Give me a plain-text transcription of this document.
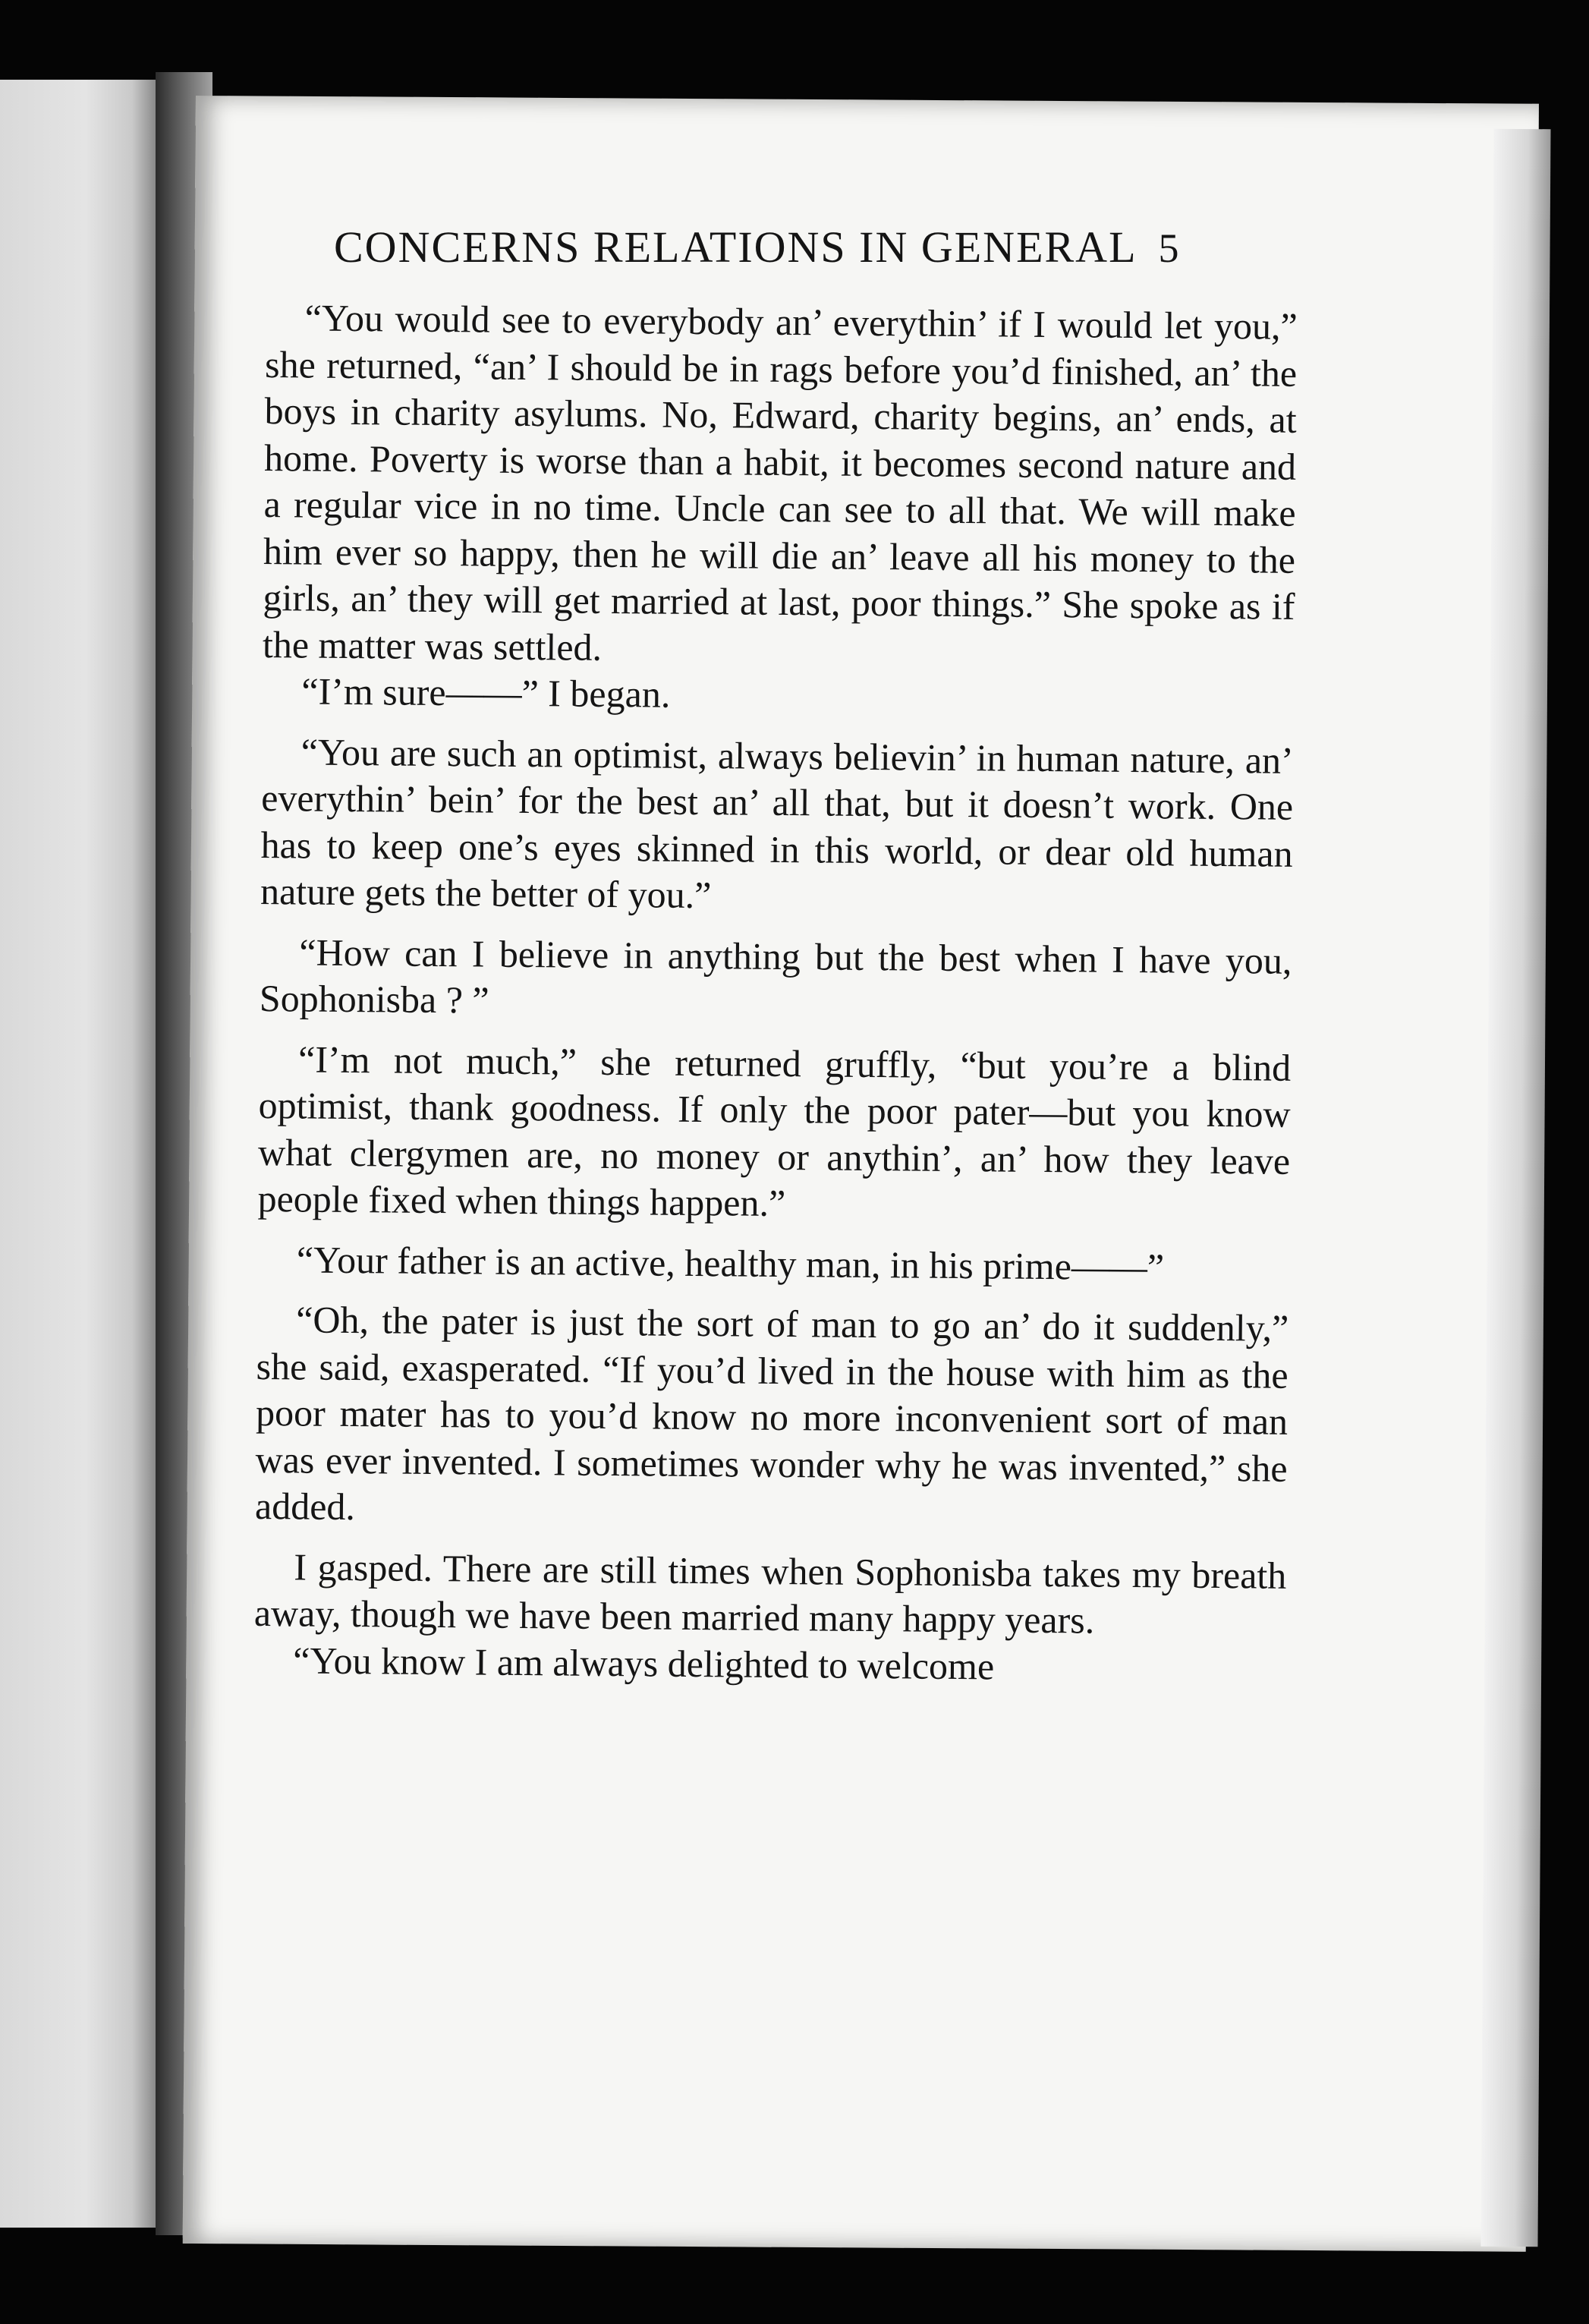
CONCERNS RELATIONS IN GENERAL 5

“You would see to everybody an’ everythin’ if I would let you,” she returned, “an’ I should be in rags before you’d finished, an’ the boys in charity asylums. No, Edward, charity begins, an’ ends, at home. Poverty is worse than a habit, it becomes second nature and a regular vice in no time. Uncle can see to all that. We will make him ever so happy, then he will die an’ leave all his money to the girls, an’ they will get married at last, poor things.” She spoke as if the matter was settled.

“I’m sure——” I began.

“You are such an optimist, always believin’ in human nature, an’ everythin’ bein’ for the best an’ all that, but it doesn’t work. One has to keep one’s eyes skinned in this world, or dear old human nature gets the better of you.”

“How can I believe in anything but the best when I have you, Sophonisba ? ”

“I’m not much,” she returned gruffly, “but you’re a blind optimist, thank goodness. If only the poor pater—but you know what clergymen are, no money or anythin’, an’ how they leave people fixed when things happen.”

“Your father is an active, healthy man, in his prime——”

“Oh, the pater is just the sort of man to go an’ do it suddenly,” she said, exasperated. “If you’d lived in the house with him as the poor mater has to you’d know no more inconvenient sort of man was ever invented. I sometimes wonder why he was invented,” she added.

I gasped. There are still times when Sophonisba takes my breath away, though we have been married many happy years.

“You know I am always delighted to welcome
